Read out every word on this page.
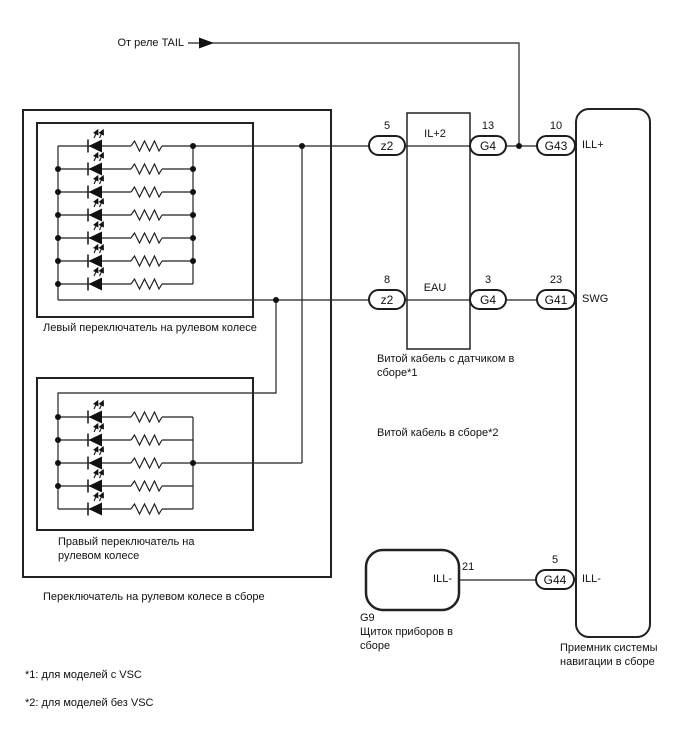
От реле TAIL
5
z2
13
G4
10
G43
8
z2
3
G4
23
G41
21
5
G44
IL+2
EAU
ILL+
SWG
ILL-
ILL-
Левый переключатель на рулевом колесе
Правый переключатель на
рулевом колесе
Переключатель на рулевом колесе в сборе
Витой кабель с датчиком в
сборе*1
Витой кабель в сборе*2
G9
Щиток приборов в
сборе	Приемник системы
навигации в сборе
*1: для моделей с VSC
*2: для моделей без VSC
